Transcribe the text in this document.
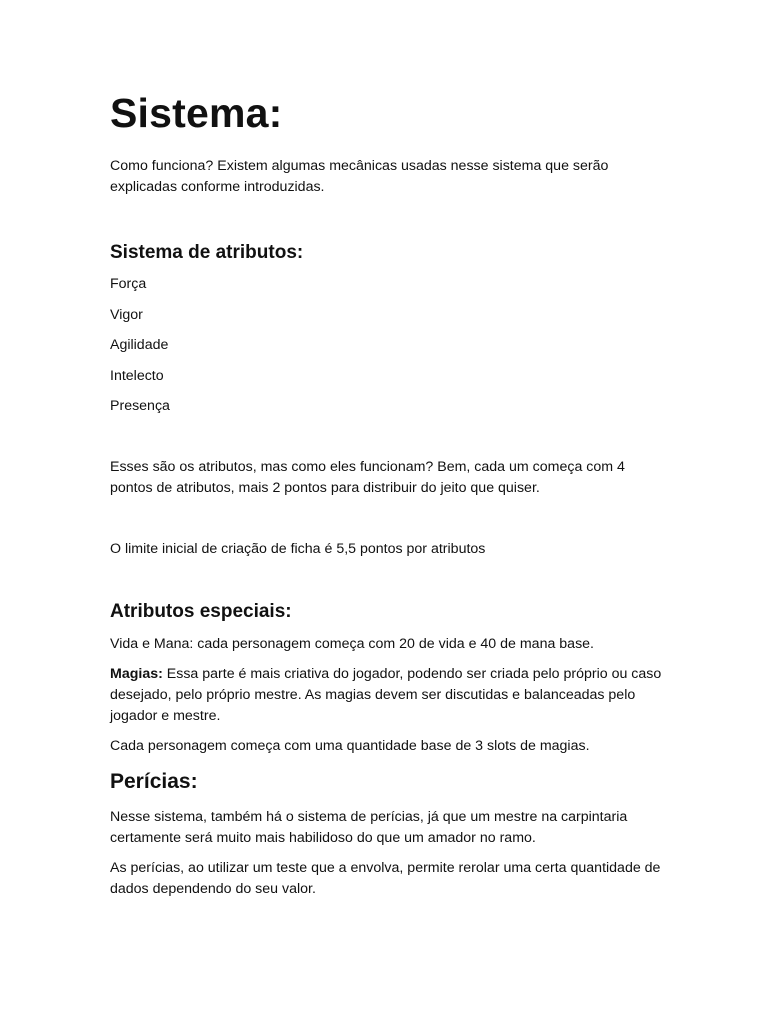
Sistema:

Como funciona? Existem algumas mecânicas usadas nesse sistema que serão explicadas conforme introduzidas.

Sistema de atributos:
Força
Vigor
Agilidade
Intelecto
Presença

Esses são os atributos, mas como eles funcionam? Bem, cada um começa com 4 pontos de atributos, mais 2 pontos para distribuir do jeito que quiser.

O limite inicial de criação de ficha é 5,5 pontos por atributos

Atributos especiais:

Vida e Mana: cada personagem começa com 20 de vida e 40 de mana base.

Magias: Essa parte é mais criativa do jogador, podendo ser criada pelo próprio ou caso desejado, pelo próprio mestre. As magias devem ser discutidas e balanceadas pelo jogador e mestre.

Cada personagem começa com uma quantidade base de 3 slots de magias.

Perícias:

Nesse sistema, também há o sistema de perícias, já que um mestre na carpintaria certamente será muito mais habilidoso do que um amador no ramo.

As perícias, ao utilizar um teste que a envolva, permite rerolar uma certa quantidade de dados dependendo do seu valor.
